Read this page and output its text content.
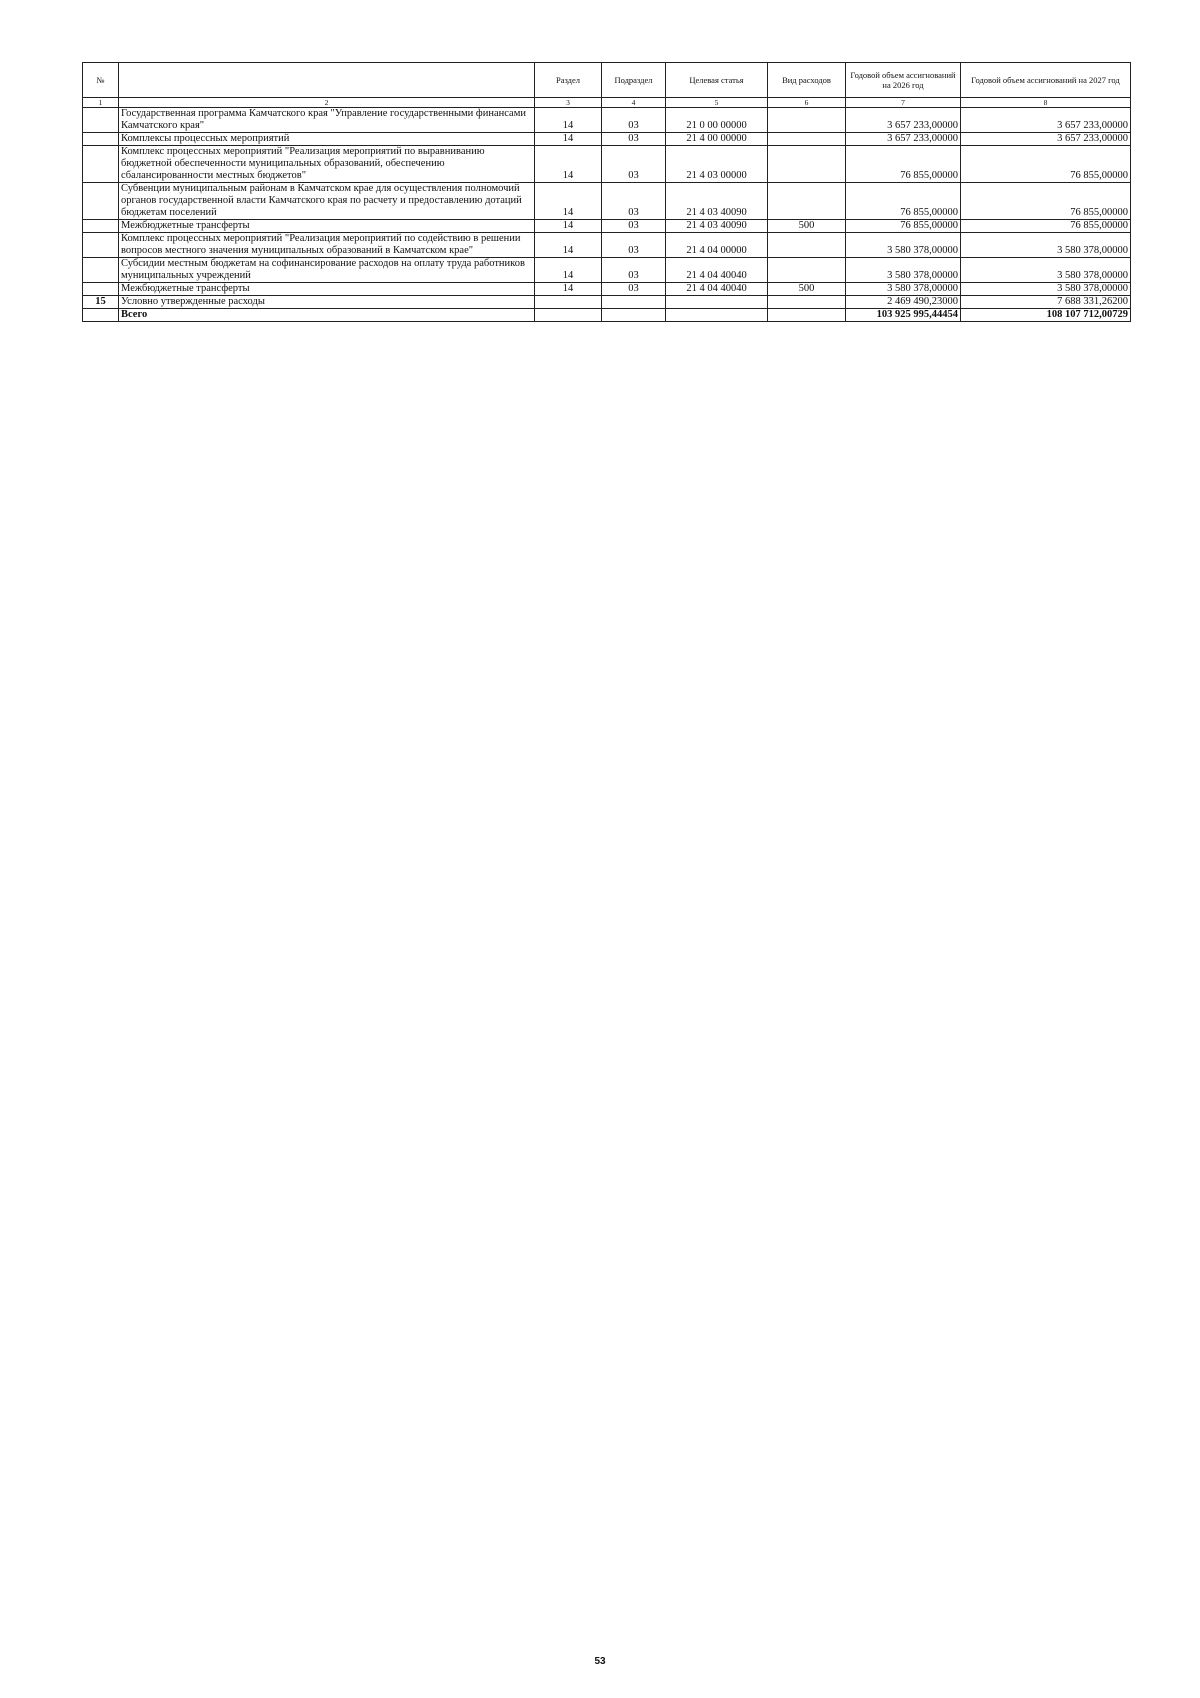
№		Раздел	Подраздел	Целевая статья	Вид расходов	Годовой объем ассигнований на 2026 год	Годовой объем ассигнований на 2027 год
1	2	3	4	5	6	7	8
	Государственная программа Камчатского края "Управление государственными финансами Камчатского края"	14	03	21 0 00 00000		3 657 233,00000	3 657 233,00000
	Комплексы процессных мероприятий	14	03	21 4 00 00000		3 657 233,00000	3 657 233,00000
	Комплекс процессных мероприятий "Реализация мероприятий по выравниванию бюджетной обеспеченности муниципальных образований, обеспечению сбалансированности местных бюджетов"	14	03	21 4 03 00000		76 855,00000	76 855,00000
	Субвенции муниципальным районам в Камчатском крае для осуществления полномочий органов государственной власти Камчатского края по расчету и предоставлению дотаций бюджетам поселений	14	03	21 4 03 40090		76 855,00000	76 855,00000
	Межбюджетные трансферты	14	03	21 4 03 40090	500	76 855,00000	76 855,00000
	Комплекс процессных мероприятий "Реализация мероприятий по содействию в решении вопросов местного значения муниципальных образований в Камчатском крае"	14	03	21 4 04 00000		3 580 378,00000	3 580 378,00000
	Субсидии местным бюджетам на софинансирование расходов на оплату труда работников муниципальных учреждений	14	03	21 4 04 40040		3 580 378,00000	3 580 378,00000
	Межбюджетные трансферты	14	03	21 4 04 40040	500	3 580 378,00000	3 580 378,00000
15	Условно утвержденные расходы					2 469 490,23000	7 688 331,26200
	Всего					103 925 995,44454	108 107 712,00729
53
